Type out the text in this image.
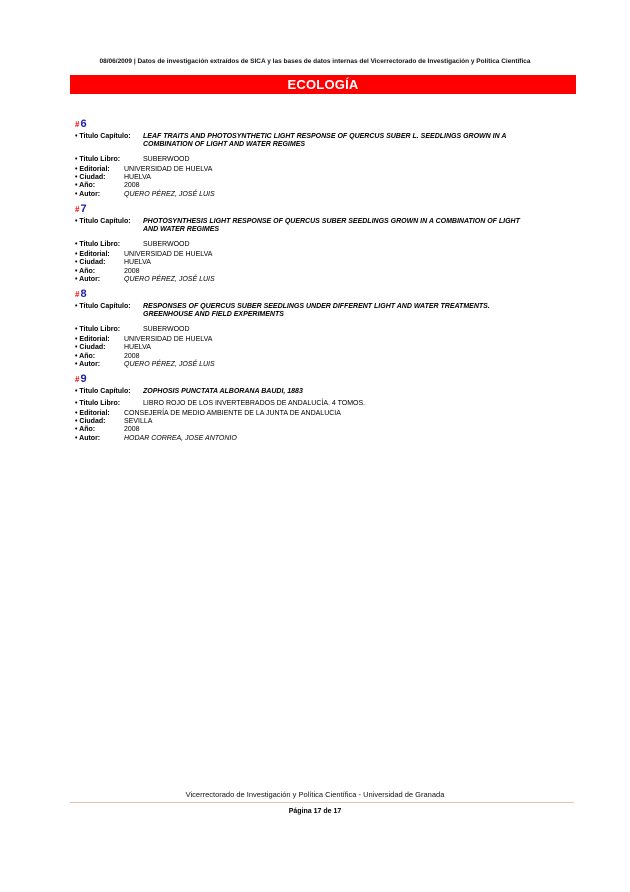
08/06/2009 | Datos de investigación extraídos de SICA y las bases de datos internas del Vicerrectorado de Investigación y Política Científica
ECOLOGÍA
#6
• Titulo Capítulo: LEAF TRAITS AND PHOTOSYNTHETIC LIGHT RESPONSE OF QUERCUS SUBER L. SEEDLINGS GROWN IN A COMBINATION OF LIGHT AND WATER REGIMES
• Titulo Libro:	SUBERWOOD
• Editorial: UNIVERSIDAD DE HUELVA
• Ciudad:	HUELVA
• Año:	2008
• Autor:	QUERO PÉREZ, JOSÉ LUIS
#7
• Titulo Capítulo: PHOTOSYNTHESIS LIGHT RESPONSE OF QUERCUS SUBER SEEDLINGS GROWN IN A COMBINATION OF LIGHT AND WATER REGIMES
• Titulo Libro:	SUBERWOOD
• Editorial: UNIVERSIDAD DE HUELVA
• Ciudad:	HUELVA
• Año:	2008
• Autor:	QUERO PÉREZ, JOSÉ LUIS
#8
• Titulo Capítulo: RESPONSES OF QUERCUS SUBER SEEDLINGS UNDER DIFFERENT LIGHT AND WATER TREATMENTS. GREENHOUSE AND FIELD EXPERIMENTS
• Titulo Libro:	SUBERWOOD
• Editorial: UNIVERSIDAD DE HUELVA
• Ciudad:	HUELVA
• Año:	2008
• Autor:	QUERO PÉREZ, JOSÉ LUIS
#9
• Titulo Capítulo: ZOPHOSIS PUNCTATA ALBORANA BAUDI, 1883
• Titulo Libro:	LIBRO ROJO DE LOS INVERTEBRADOS DE ANDALUCÍA. 4 TOMOS.
• Editorial: CONSEJERÍA DE MEDIO AMBIENTE DE LA JUNTA DE ANDALUCIA
• Ciudad:	SEVILLA
• Año:	2008
• Autor:	HODAR CORREA, JOSE ANTONIO
Vicerrectorado de Investigación y Política Científica - Universidad de Granada
Página 17 de 17
